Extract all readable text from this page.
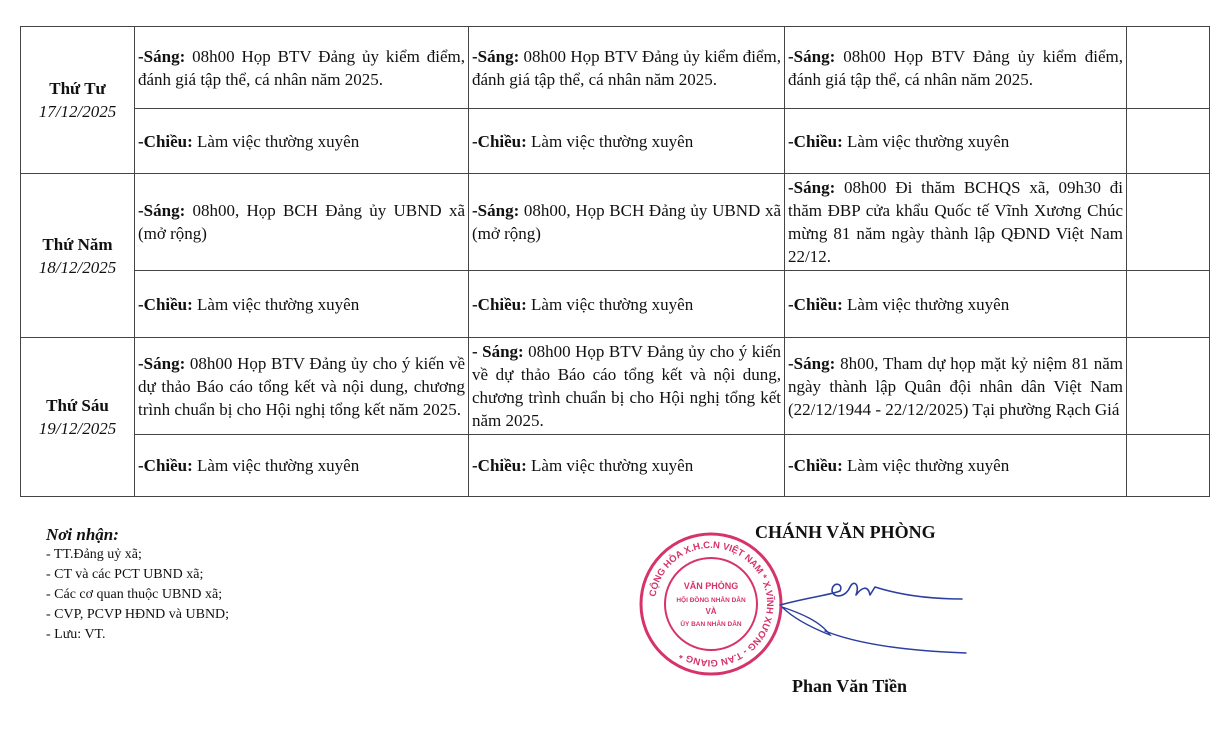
Thứ Tư
17/12/2025	-Sáng: 08h00 Họp BTV Đảng ủy kiểm điểm, đánh giá tập thể, cá nhân năm 2025.	-Sáng: 08h00 Họp BTV Đảng ủy kiểm điểm, đánh giá tập thể, cá nhân năm 2025.	-Sáng: 08h00 Họp BTV Đảng ủy kiểm điểm, đánh giá tập thể, cá nhân năm 2025.	
	-Chiều: Làm việc thường xuyên	-Chiều: Làm việc thường xuyên	-Chiều: Làm việc thường xuyên	

Thứ Năm
18/12/2025	-Sáng: 08h00, Họp BCH Đảng ủy UBND xã (mở rộng)	-Sáng: 08h00, Họp BCH Đảng ủy UBND xã (mở rộng)	-Sáng: 08h00 Đi thăm BCHQS xã, 09h30 đi thăm ĐBP cửa khẩu Quốc tế Vĩnh Xương Chúc mừng 81 năm ngày thành lập QĐND Việt Nam 22/12.	
	-Chiều: Làm việc thường xuyên	-Chiều: Làm việc thường xuyên	-Chiều: Làm việc thường xuyên	

Thứ Sáu
19/12/2025	-Sáng: 08h00 Họp BTV Đảng ủy cho ý kiến về dự thảo Báo cáo tổng kết và nội dung, chương trình chuẩn bị cho Hội nghị tổng kết năm 2025.	- Sáng: 08h00 Họp BTV Đảng ủy cho ý kiến về dự thảo Báo cáo tổng kết và nội dung, chương trình chuẩn bị cho Hội nghị tổng kết năm 2025.	-Sáng: 8h00, Tham dự họp mặt kỷ niệm 81 năm ngày thành lập Quân đội nhân dân Việt Nam (22/12/1944 - 22/12/2025) Tại phường Rạch Giá	
	-Chiều: Làm việc thường xuyên	-Chiều: Làm việc thường xuyên	-Chiều: Làm việc thường xuyên	
Nơi nhận:
- TT.Đảng uỷ xã;
- CT và các PCT UBND xã;
- Các cơ quan thuộc UBND xã;
- CVP, PCVP HĐND và UBND;
- Lưu: VT.
CHÁNH VĂN PHÒNG
CỘNG HÒA X.H.C.N VIỆT NAM * X.VĨNH XƯƠNG - T.AN GIANG *
VĂN PHÒNG
HỘI ĐỒNG NHÂN DÂN
VÀ
ỦY BAN NHÂN DÂN
Phan Văn Tiền
